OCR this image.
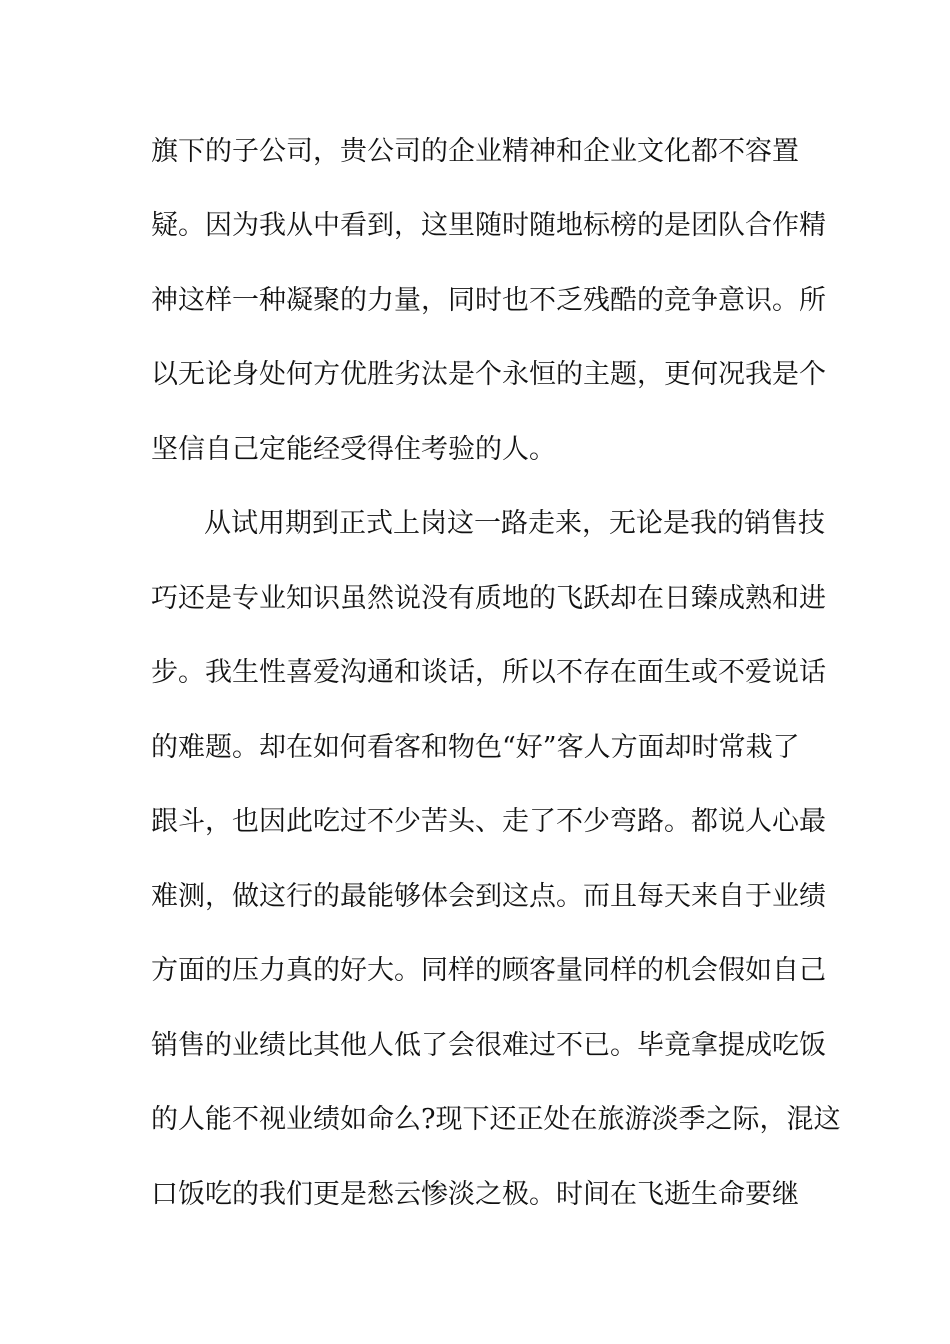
旗下的子公司，贵公司的企业精神和企业文化都不容置
疑。因为我从中看到，这里随时随地标榜的是团队合作精
神这样一种凝聚的力量，同时也不乏残酷的竞争意识。所
以无论身处何方优胜劣汰是个永恒的主题，更何况我是个
坚信自己定能经受得住考验的人。
从试用期到正式上岗这一路走来，无论是我的销售技
巧还是专业知识虽然说没有质地的飞跃却在日臻成熟和进
步。我生性喜爱沟通和谈话，所以不存在面生或不爱说话
的难题。却在如何看客和物色“好”客人方面却时常栽了
跟斗，也因此吃过不少苦头、走了不少弯路。都说人心最
难测，做这行的最能够体会到这点。而且每天来自于业绩
方面的压力真的好大。同样的顾客量同样的机会假如自己
销售的业绩比其他人低了会很难过不已。毕竟拿提成吃饭
的人能不视业绩如命么?现下还正处在旅游淡季之际，混这
口饭吃的我们更是愁云惨淡之极。时间在飞逝生命要继
